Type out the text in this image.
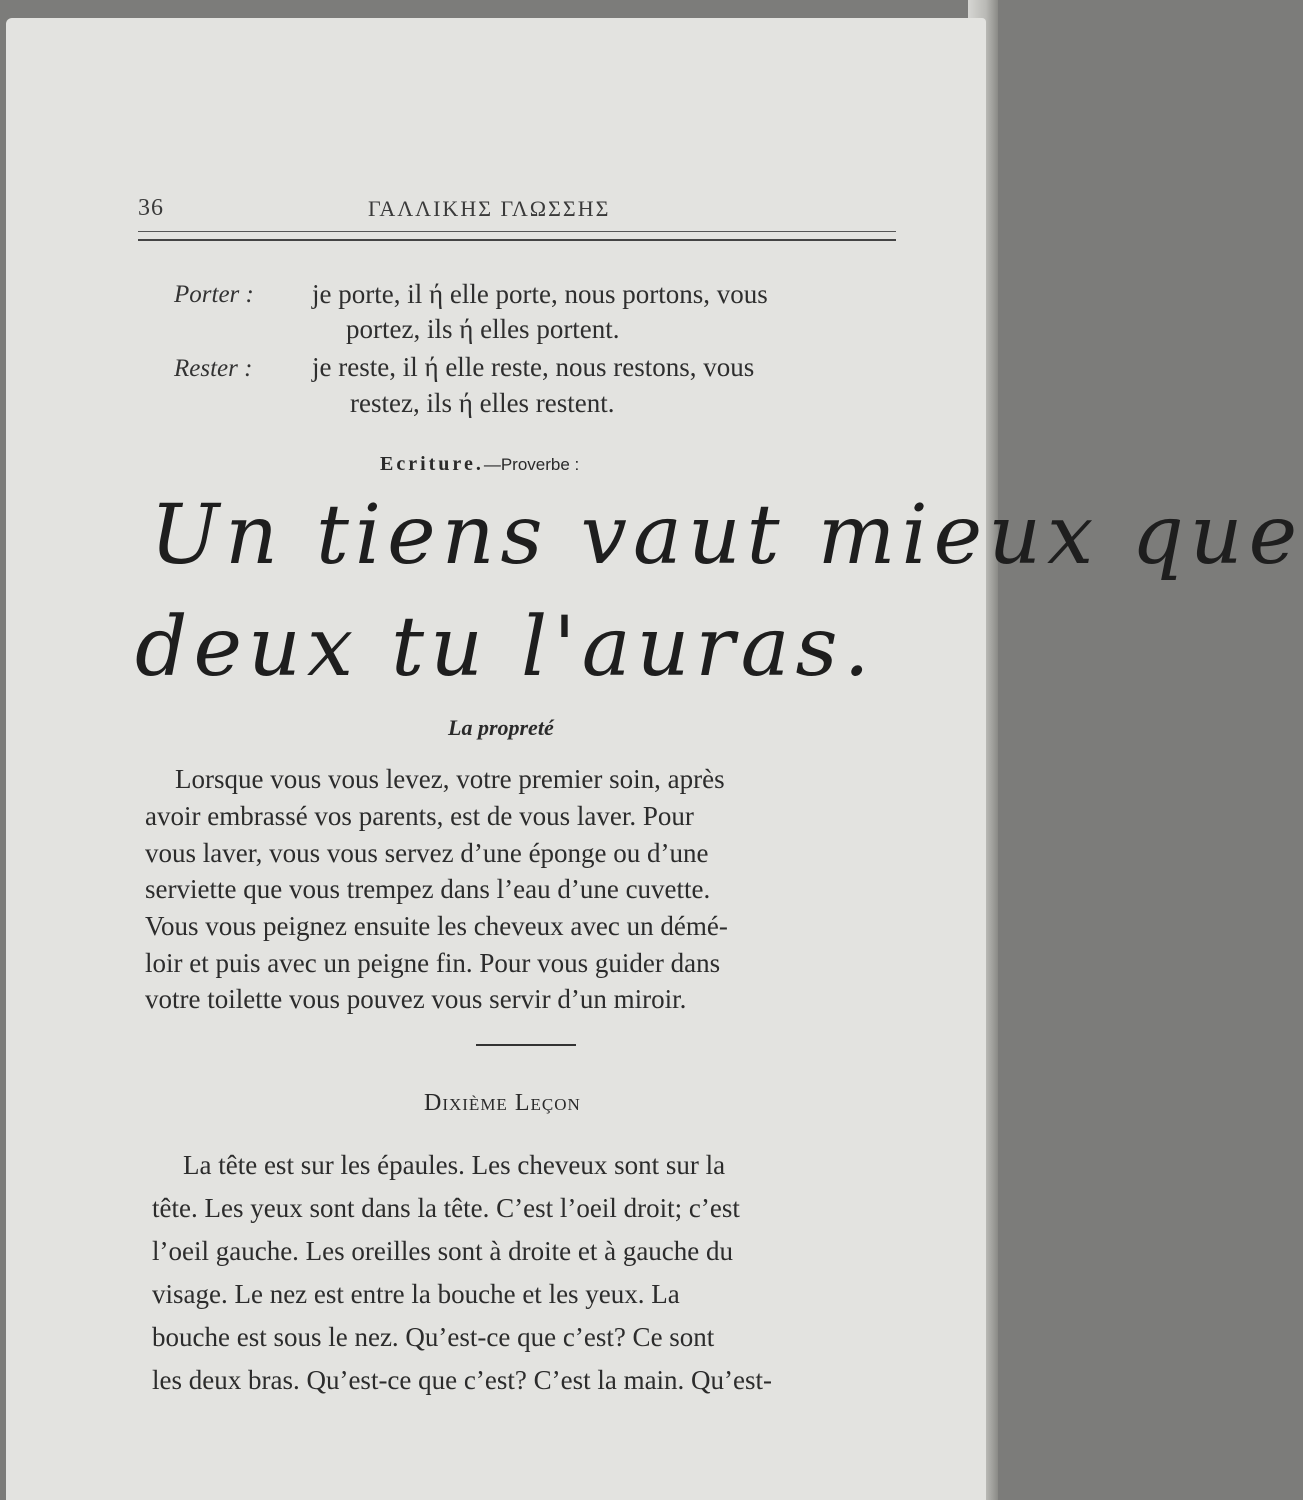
36	ΓΑΛΛΙΚΗΣ ΓΛΩΣΣΗΣ
Porter : je porte, il ή elle porte, nous portons, vous
portez, ils ή elles portent.
Rester : je reste, il ή elle reste, nous restons, vous
restez, ils ή elles restent.
Ecriture.—Proverbe :
Un tiens vaut mieux que
deux tu l'auras.
La propreté
Lorsque vous vous levez, votre premier soin, après
avoir embrassé vos parents, est de vous laver. Pour
vous laver, vous vous servez d’une éponge ou d’une
serviette que vous trempez dans l’eau d’une cuvette.
Vous vous peignez ensuite les cheveux avec un démé-
loir et puis avec un peigne fin. Pour vous guider dans
votre toilette vous pouvez vous servir d’un miroir.
Dixième Leçon
La tête est sur les épaules. Les cheveux sont sur la
tête. Les yeux sont dans la tête. C’est l’oeil droit; c’est
l’oeil gauche. Les oreilles sont à droite et à gauche du
visage. Le nez est entre la bouche et les yeux. La
bouche est sous le nez. Qu’est-ce que c’est? Ce sont
les deux bras. Qu’est-ce que c’est? C’est la main. Qu’est-
